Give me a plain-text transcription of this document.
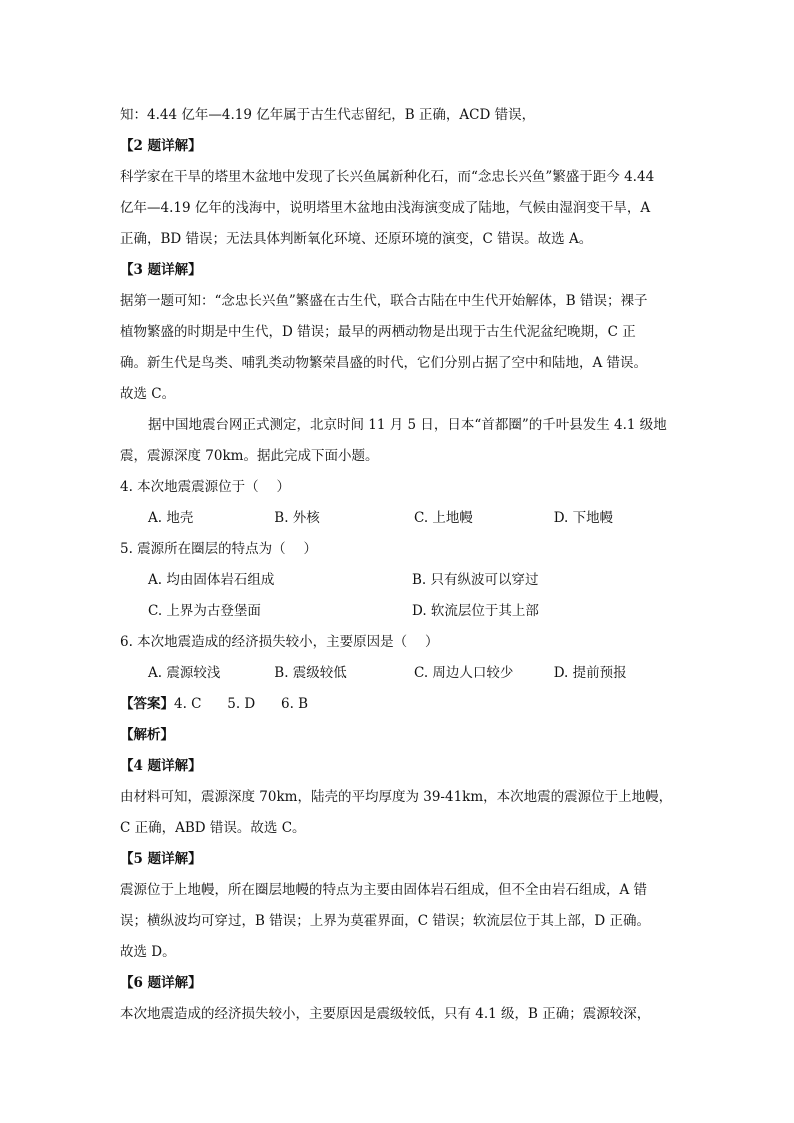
知：4.44 亿年—4.19 亿年属于古生代志留纪，B 正确，ACD 错误，

【2 题详解】

科学家在干旱的塔里木盆地中发现了长兴鱼属新种化石，而“念忠长兴鱼”繁盛于距今 4.44

亿年—4.19 亿年的浅海中，说明塔里木盆地由浅海演变成了陆地，气候由湿润变干旱，A

正确，BD 错误；无法具体判断氧化环境、还原环境的演变，C 错误。故选 A。

【3 题详解】

据第一题可知：“念忠长兴鱼”繁盛在古生代，联合古陆在中生代开始解体，B 错误；裸子

植物繁盛的时期是中生代，D 错误；最早的两栖动物是出现于古生代泥盆纪晚期，C 正

确。新生代是鸟类、哺乳类动物繁荣昌盛的时代，它们分别占据了空中和陆地，A 错误。

故选 C。

据中国地震台网正式测定，北京时间 11 月 5 日，日本“首都圈”的千叶县发生 4.1 级地

震，震源深度 70km。据此完成下面小题。

4. 本次地震震源位于（　 ）

A. 地壳	B. 外核	C. 上地幔	D. 下地幔

5. 震源所在圈层的特点为（　 ）

A. 均由固体岩石组成	B. 只有纵波可以穿过
C. 上界为古登堡面	D. 软流层位于其上部

6. 本次地震造成的经济损失较小，主要原因是（　 ）

A. 震源较浅	B. 震级较低	C. 周边人口较少	D. 提前预报

【答案】4. C      5. D      6. B

【解析】

【4 题详解】

由材料可知，震源深度 70km，陆壳的平均厚度为 39-41km，本次地震的震源位于上地幔，

C 正确，ABD 错误。故选 C。

【5 题详解】

震源位于上地幔，所在圈层地幔的特点为主要由固体岩石组成，但不全由岩石组成，A 错

误；横纵波均可穿过，B 错误；上界为莫霍界面，C 错误；软流层位于其上部，D 正确。

故选 D。

【6 题详解】

本次地震造成的经济损失较小，主要原因是震级较低，只有 4.1 级，B 正确；震源较深，
